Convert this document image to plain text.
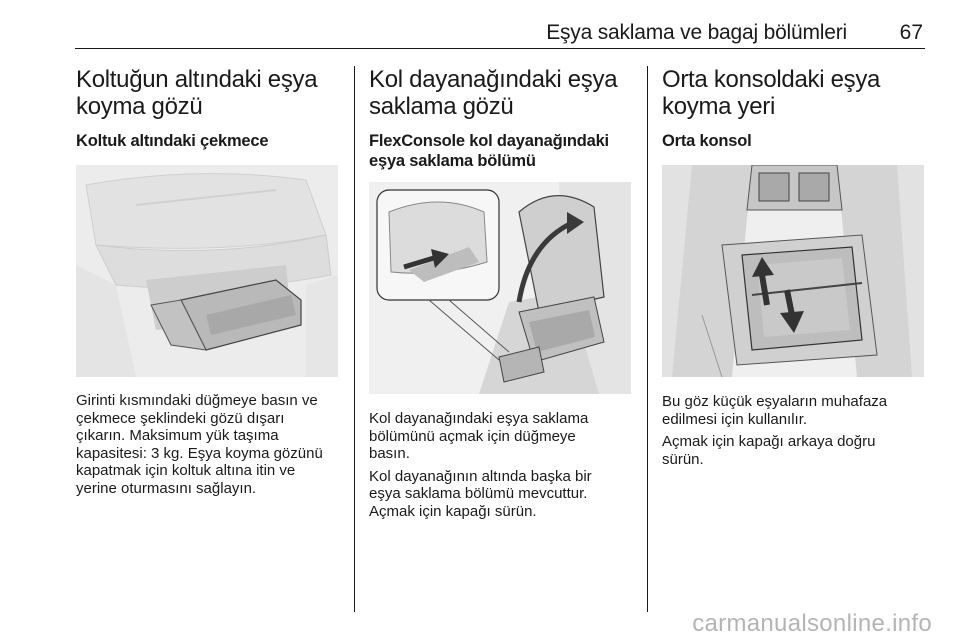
Eşya saklama ve bagaj bölümleri	67
Koltuğun altındaki eşya
koyma gözü
Koltuk altındaki çekmece

Girinti kısmındaki düğmeye basın ve
çekmece şeklindeki gözü dışarı
çıkarın. Maksimum yük taşıma
kapasitesi: 3 kg. Eşya koyma gözünü
kapatmak için koltuk altına itin ve
yerine oturmasını sağlayın.

Kol dayanağındaki eşya
saklama gözü
FlexConsole kol dayanağındaki
eşya saklama bölümü

Kol dayanağındaki eşya saklama
bölümünü açmak için düğmeye
basın.

Kol dayanağının altında başka bir
eşya saklama bölümü mevcuttur.
Açmak için kapağı sürün.

Orta konsoldaki eşya
koyma yeri
Orta konsol

Bu göz küçük eşyaların muhafaza
edilmesi için kullanılır.

Açmak için kapağı arkaya doğru
sürün.

carmanualsonline.info
